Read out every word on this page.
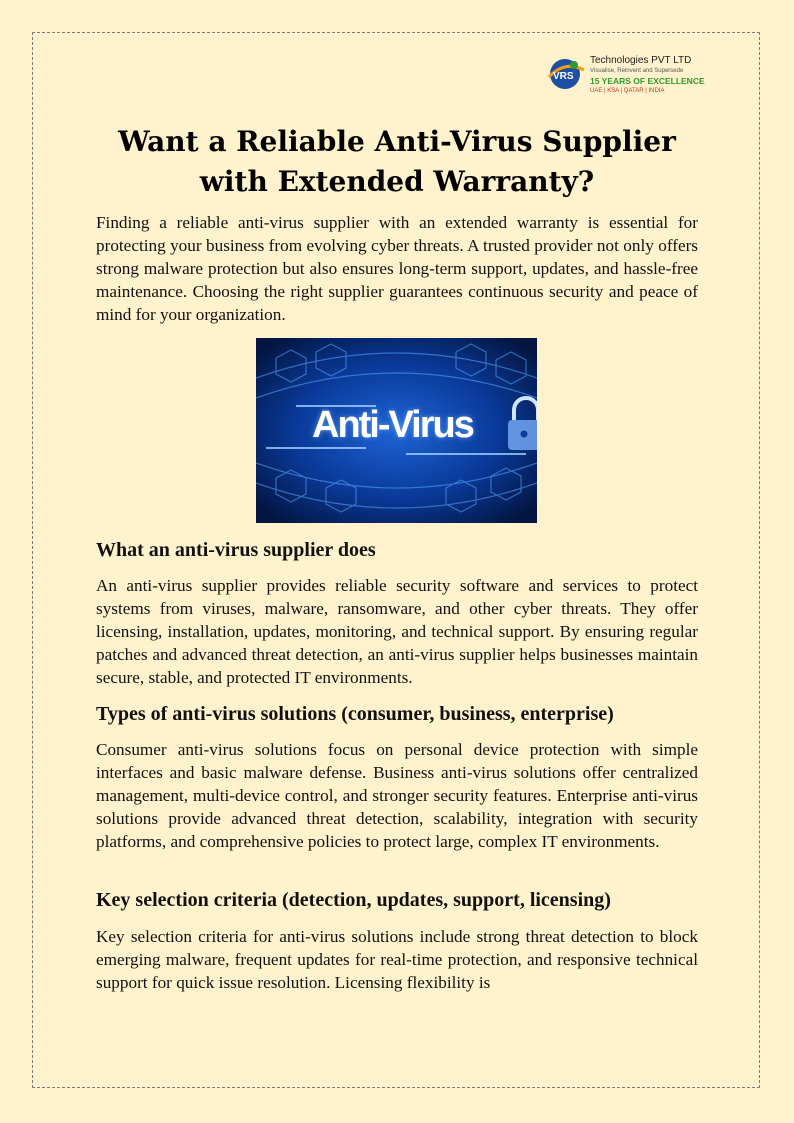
VRS
Technologies PVT LTD
Visualise, Reinvent and Supersede
15 YEARS OF EXCELLENCE
UAE | KSA | QATAR | INDIA
Want a Reliable Anti-Virus Supplier
with Extended Warranty?

Finding a reliable anti-virus supplier with an extended warranty is essential for protecting your business from evolving cyber threats. A trusted provider not only offers strong malware protection but also ensures long-term support, updates, and hassle-free maintenance. Choosing the right supplier guarantees continuous security and peace of mind for your organization.

Anti-Virus
What an anti-virus supplier does

An anti-virus supplier provides reliable security software and services to protect systems from viruses, malware, ransomware, and other cyber threats. They offer licensing, installation, updates, monitoring, and technical support. By ensuring regular patches and advanced threat detection, an anti-virus supplier helps businesses maintain secure, stable, and protected IT environments.

Types of anti-virus solutions (consumer, business, enterprise)

Consumer anti-virus solutions focus on personal device protection with simple interfaces and basic malware defense. Business anti-virus solutions offer centralized management, multi-device control, and stronger security features. Enterprise anti-virus solutions provide advanced threat detection, scalability, integration with security platforms, and comprehensive policies to protect large, complex IT environments.

Key selection criteria (detection, updates, support, licensing)

Key selection criteria for anti-virus solutions include strong threat detection to block emerging malware, frequent updates for real-time protection, and responsive technical support for quick issue resolution. Licensing flexibility is
